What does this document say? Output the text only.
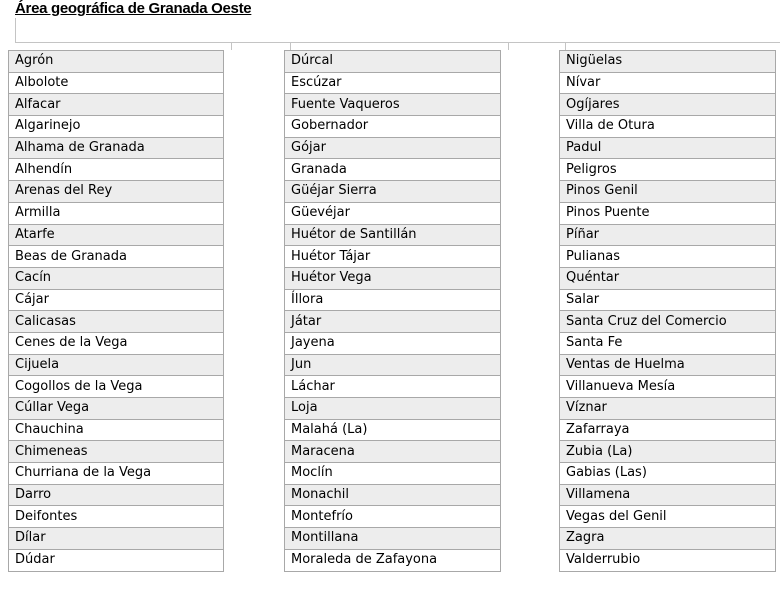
Área geográfica de Granada Oeste
Agrón
Albolote
Alfacar
Algarinejo
Alhama de Granada
Alhendín
Arenas del Rey
Armilla
Atarfe
Beas de Granada
Cacín
Cájar
Calicasas
Cenes de la Vega
Cijuela
Cogollos de la Vega
Cúllar Vega
Chauchina
Chimeneas
Churriana de la Vega
Darro
Deifontes
Dílar
Dúdar
Dúrcal
Escúzar
Fuente Vaqueros
Gobernador
Gójar
Granada
Güéjar Sierra
Güevéjar
Huétor de Santillán
Huétor Tájar
Huétor Vega
Íllora
Játar
Jayena
Jun
Láchar
Loja
Malahá (La)
Maracena
Moclín
Monachil
Montefrío
Montillana
Moraleda de Zafayona
Nigüelas
Nívar
Ogíjares
Villa de Otura
Padul
Peligros
Pinos Genil
Pinos Puente
Píñar
Pulianas
Quéntar
Salar
Santa Cruz del Comercio
Santa Fe
Ventas de Huelma
Villanueva Mesía
Víznar
Zafarraya
Zubia (La)
Gabias (Las)
Villamena
Vegas del Genil
Zagra
Valderrubio
